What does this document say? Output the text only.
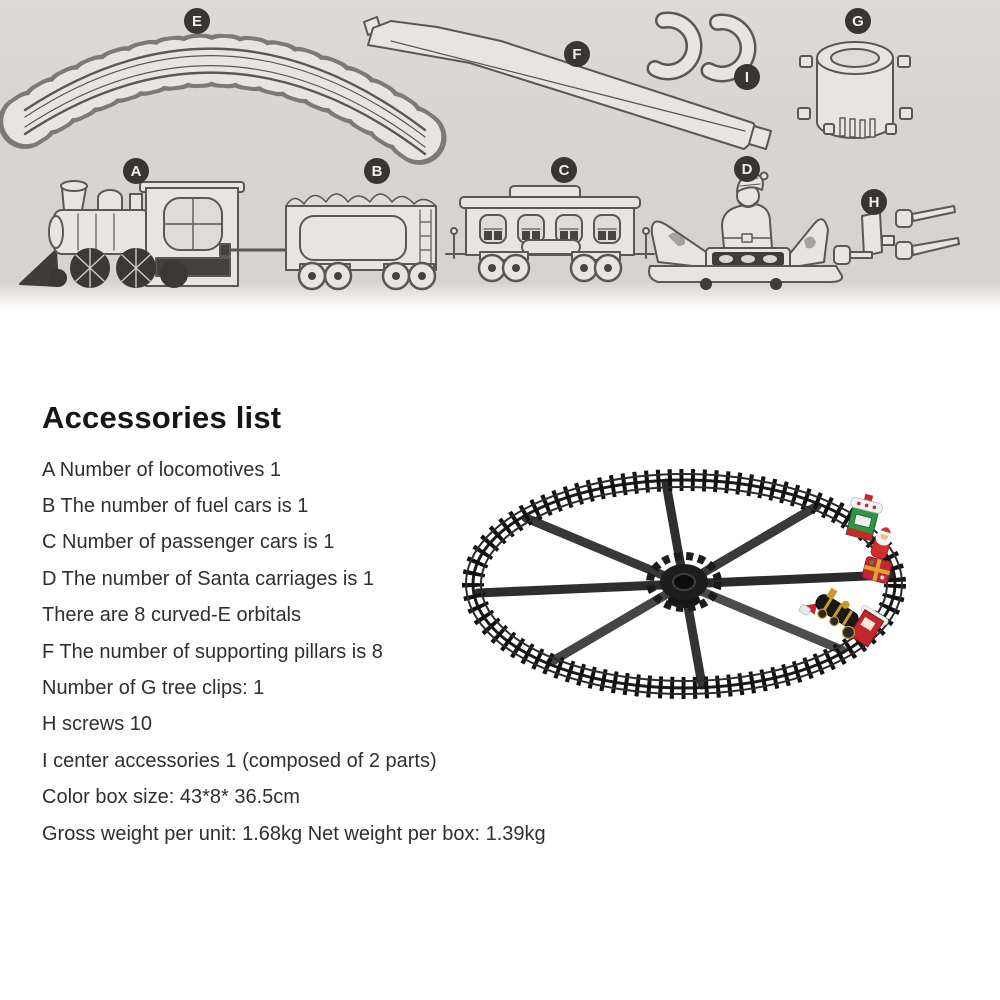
E
F
I
G
A	B	C	D
H
Accessories list
A Number of locomotives 1
B The number of fuel cars is 1
C Number of passenger cars is 1
D The number of Santa carriages is 1
There are 8 curved-E orbitals
F The number of supporting pillars is 8
Number of G tree clips: 1
H screws 10
I center accessories 1 (composed of 2 parts)
Color box size: 43*8* 36.5cm
Gross weight per unit: 1.68kg Net weight per box: 1.39kg
